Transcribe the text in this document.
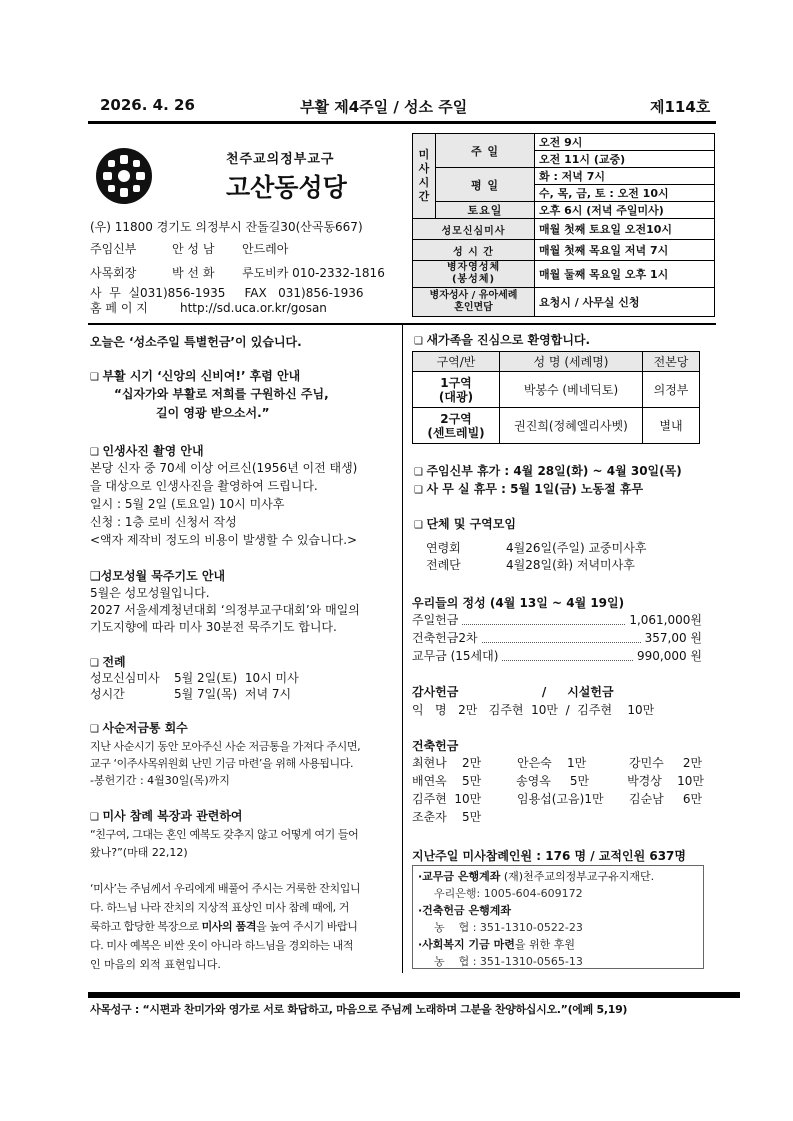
2026. 4. 26	부활 제4주일 / 성소 주일	제114호
천주교의정부교구
고산동성당
(우) 11800 경기도 의정부시 잔돌길30(산곡동667)
주임신부	안 성 남 안드레아
사목회장	박 선 화 루도비카 010-2332-1816
사  무  실031)856-1935     FAX   031)856-1936
홈 페 이 지	http://sd.uca.or.kr/gosan
미
사
시
간	주 일	오전 9시
		오전 11시 (교중)
	평 일	화 : 저녁 7시
		수, 목, 금, 토 : 오전 10시
	토요일	오후 6시 (저녁 주일미사)
성모신심미사		매월 첫째 토요일 오전10시
성 시 간		매월 첫째 목요일 저녁 7시
병자영성체
(봉성체)		매월 둘째 목요일 오후 1시
병자성사 / 유아세례
혼인면담		요청시 / 사무실 신청
오늘은 ‘성소주일 특별헌금’이 있습니다.
❑ 부활 시기 ‘신앙의 신비여!’ 후렴 안내
“십자가와 부활로 저희를 구원하신 주님,
길이 영광 받으소서.”
❑ 인생사진 촬영 안내
본당 신자 중 70세 이상 어르신(1956년 이전 태생)
을 대상으로 인생사진을 촬영하여 드립니다.
일시 : 5월 2일 (토요일) 10시 미사후
신청 : 1층 로비 신청서 작성
<액자 제작비 정도의 비용이 발생할 수 있습니다.>
❑성모성월 묵주기도 안내
5월은 성모성월입니다.
2027 서울세계청년대회 ‘의정부교구대회’와 매일의
기도지향에 따라 미사 30분전 묵주기도 합니다.
❑ 전례
성모신심미사 5월 2일(토)  10시 미사
성시간	5월 7일(목)  저녁 7시
❑ 사순저금통 회수
지난 사순시기 동안 모아주신 사순 저금통을 가져다 주시면,
교구 ‘이주사목위원회 난민 기금 마련’을 위해 사용됩니다.
-봉헌기간 : 4월30일(목)까지
❑ 미사 참례 복장과 관련하여
“친구여, 그대는 혼인 예복도 갖추지 않고 어떻게 여기 들어
왔나?”(마태 22,12)
‘미사’는 주님께서 우리에게 배풀어 주시는 거룩한 잔치입니
다. 하느님 나라 잔치의 지상적 표상인 미사 참례 때에, 거
룩하고 합당한 복장으로 미사의 품격을 높여 주시기 바랍니
다. 미사 예복은 비싼 옷이 아니라 하느님을 경외하는 내적
인 마음의 외적 표현입니다.
❑ 새가족을 진심으로 환영합니다.
구역/반	성 명 (세례명)	전본당
1구역
(대광)	박봉수 (베네딕토)	의정부
2구역
(센트레빌)	권진희(정혜엘리사벳)	별내
❑ 주임신부 휴가 : 4월 28일(화) ~ 4월 30일(목)
❑ 사 무 실 휴무 : 5월 1일(금) 노동절 휴무
❑ 단체 및 구역모임
연령회	4월26일(주일) 교중미사후
전례단	4월28일(화) 저녁미사후
우리들의 정성 (4월 13일 ~ 4월 19일)
주일헌금	1,061,000원
건축헌금2차	357,00 원
교무금 (15세대)	990,000 원
감사헌금                    /     시설헌금
익   명   2만   김주현  10만  /  김주현    10만
건축헌금
최현나    2만	안은숙    1만	강민수     2만
배연옥    5만	송영옥     5만	박경상    10만
김주현  10만	임용섭(고음)1만	김순남     6만
조춘자    5만
지난주일 미사참례인원 : 176 명 / 교적인원 637명
·교무금 은행계좌 (재)천주교의정부교구유지재단.
우리은행: 1005-604-609172
·건축헌금 은행계좌
농    협 : 351-1310-0522-23
·사회복지 기금 마련을 위한 후원
농    협 : 351-1310-0565-13
사목성구 : “시편과 찬미가와 영가로 서로 화답하고, 마음으로 주님께 노래하며 그분을 찬양하십시오.”(에페 5,19)
